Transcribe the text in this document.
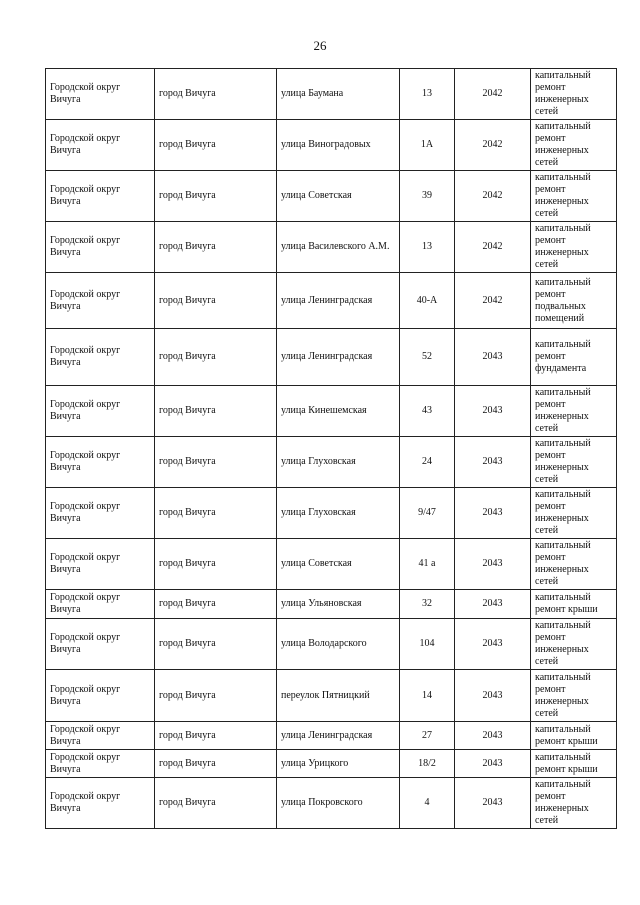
26
Городской округ Вичуга	город Вичуга	улица Баумана	13	2042	капитальный ремонт инженерных сетей
Городской округ Вичуга	город Вичуга	улица Виноградовых	1А	2042	капитальный ремонт инженерных сетей
Городской округ Вичуга	город Вичуга	улица Советская	39	2042	капитальный ремонт инженерных сетей
Городской округ Вичуга	город Вичуга	улица Василевского А.М.	13	2042	капитальный ремонт инженерных сетей
Городской округ Вичуга	город Вичуга	улица Ленинградская	40-А	2042	капитальный ремонт подвальных помещений
Городской округ Вичуга	город Вичуга	улица Ленинградская	52	2043	капитальный ремонт фундамента
Городской округ Вичуга	город Вичуга	улица Кинешемская	43	2043	капитальный ремонт инженерных сетей
Городской округ Вичуга	город Вичуга	улица Глуховская	24	2043	капитальный ремонт инженерных сетей
Городской округ Вичуга	город Вичуга	улица Глуховская	9/47	2043	капитальный ремонт инженерных сетей
Городской округ Вичуга	город Вичуга	улица Советская	41 а	2043	капитальный ремонт инженерных сетей
Городской округ Вичуга	город Вичуга	улица Ульяновская	32	2043	капитальный ремонт крыши
Городской округ Вичуга	город Вичуга	улица Володарского	104	2043	капитальный ремонт инженерных сетей
Городской округ Вичуга	город Вичуга	переулок Пятницкий	14	2043	капитальный ремонт инженерных сетей
Городской округ Вичуга	город Вичуга	улица Ленинградская	27	2043	капитальный ремонт крыши
Городской округ Вичуга	город Вичуга	улица Урицкого	18/2	2043	капитальный ремонт крыши
Городской округ Вичуга	город Вичуга	улица Покровского	4	2043	капитальный ремонт инженерных сетей
